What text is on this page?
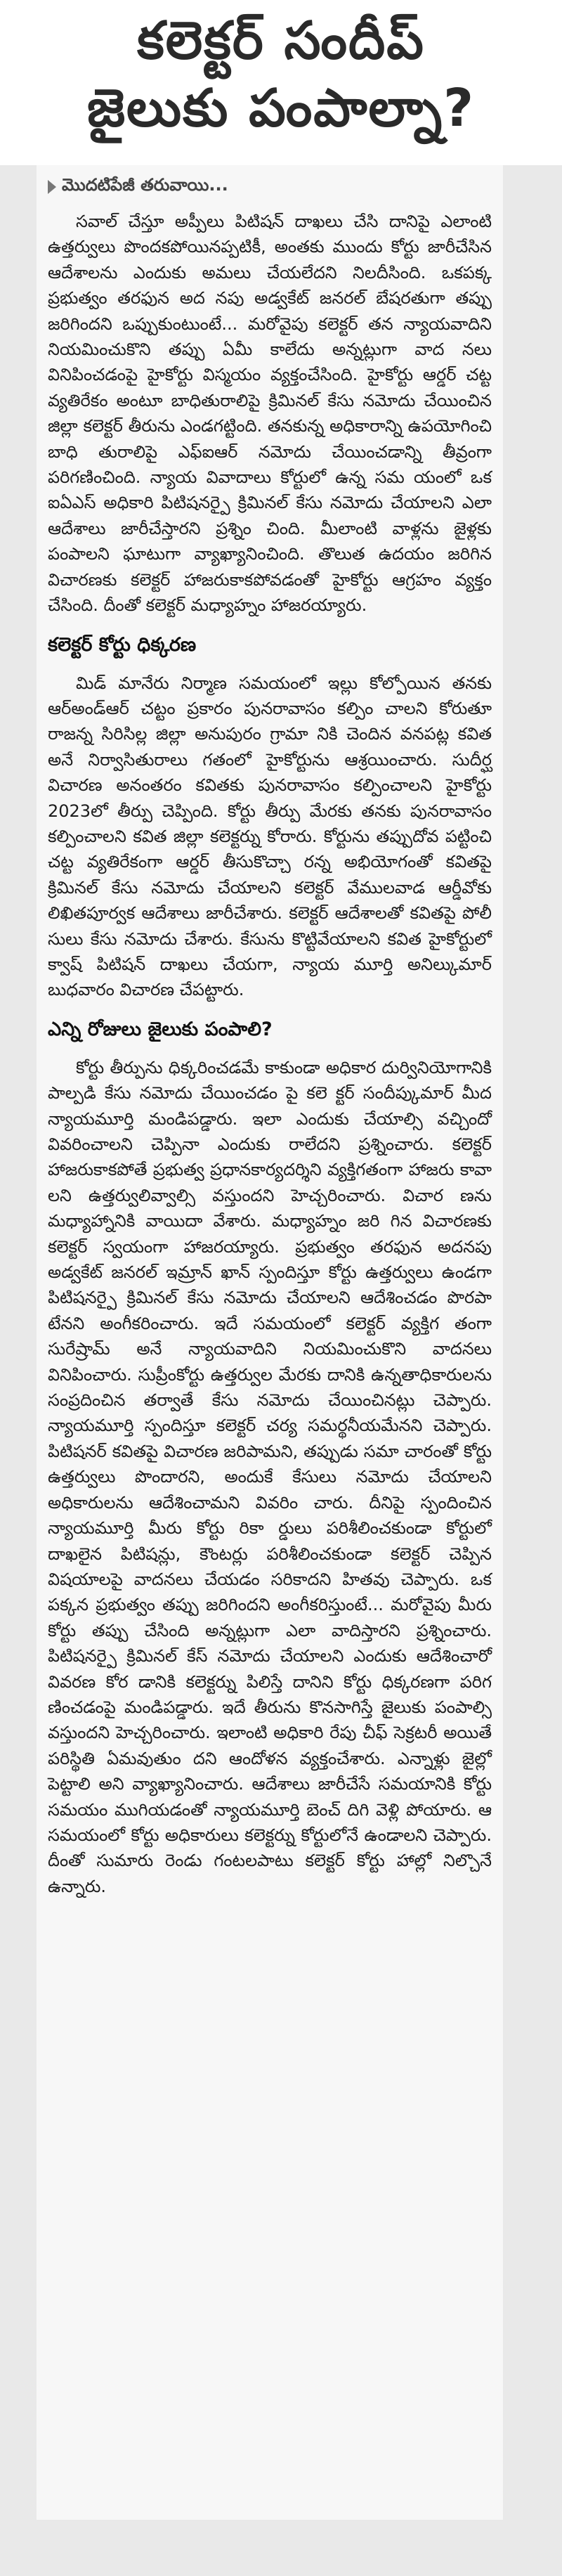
కలెక్టర్ సందీప్
జైలుకు పంపాల్నా?
మొదటిపేజీ తరువాయి...

సవాల్ చేస్తూ అప్పీలు పిటిషన్ దాఖలు చేసి దానిపై ఎలాంటి ఉత్తర్వులు పొందకపోయినప్పటికీ, అంతకు ముందు కోర్టు జారీచేసిన ఆదేశాలను ఎందుకు అమలు చేయలేదని నిలదీసింది. ఒకపక్క ప్రభుత్వం తరఫున అద నపు అడ్వకేట్ జనరల్ బేషరతుగా తప్పు జరిగిందని ఒప్పుకుంటుంటే... మరోవైపు కలెక్టర్ తన న్యాయవాదిని నియమించుకొని తప్పు ఏమీ కాలేదు అన్నట్లుగా వాద నలు వినిపించడంపై హైకోర్టు విస్మయం వ్యక్తంచేసింది. హైకోర్టు ఆర్డర్ చట్ట వ్యతిరేకం అంటూ బాధితురాలిపై క్రిమినల్ కేసు నమోదు చేయించిన జిల్లా కలెక్టర్ తీరును ఎండగట్టింది. తనకున్న అధికారాన్ని ఉపయోగించి బాధి తురాలిపై ఎఫ్ఐఆర్ నమోదు చేయించడాన్ని తీవ్రంగా పరిగణించింది. న్యాయ వివాదాలు కోర్టులో ఉన్న సమ యంలో ఒక ఐఏఎస్ అధికారి పిటిషనర్పై క్రిమినల్ కేసు నమోదు చేయాలని ఎలా ఆదేశాలు జారీచేస్తారని ప్రశ్నిం చింది. మీలాంటి వాళ్లను జైళ్లకు పంపాలని ఘాటుగా వ్యాఖ్యానించింది. తొలుత ఉదయం జరిగిన విచారణకు కలెక్టర్ హాజరుకాకపోవడంతో హైకోర్టు ఆగ్రహం వ్యక్తం చేసింది. దీంతో కలెక్టర్ మధ్యాహ్నం హాజరయ్యారు.

కలెక్టర్ కోర్టు ధిక్కరణ

మిడ్ మానేరు నిర్మాణ సమయంలో ఇల్లు కోల్పోయిన తనకు ఆర్అండ్ఆర్ చట్టం ప్రకారం పునరావాసం కల్పిం చాలని కోరుతూ రాజన్న సిరిసిల్ల జిల్లా అనుపురం గ్రామా నికి చెందిన వనపట్ల కవిత అనే నిర్వాసితురాలు గతంలో హైకోర్టును ఆశ్రయించారు. సుదీర్ఘ విచారణ అనంతరం కవితకు పునరావాసం కల్పించాలని హైకోర్టు 2023లో తీర్పు చెప్పింది. కోర్టు తీర్పు మేరకు తనకు పునరావాసం కల్పించాలని కవిత జిల్లా కలెక్టర్ను కోరారు. కోర్టును తప్పుదోవ పట్టించి చట్ట వ్యతిరేకంగా ఆర్డర్ తీసుకొచ్చా రన్న అభియోగంతో కవితపై క్రిమినల్ కేసు నమోదు చేయాలని కలెక్టర్ వేములవాడ ఆర్డీవోకు లిఖితపూర్వక ఆదేశాలు జారీచేశారు. కలెక్టర్ ఆదేశాలతో కవితపై పోలీ సులు కేసు నమోదు చేశారు. కేసును కొట్టివేయాలని కవిత హైకోర్టులో క్వాష్ పిటిషన్ దాఖలు చేయగా, న్యాయ మూర్తి అనిల్కుమార్ బుధవారం విచారణ చేపట్టారు.

ఎన్ని రోజులు జైలుకు పంపాలి?

కోర్టు తీర్పును ధిక్కరించడమే కాకుండా అధికార దుర్వినియోగానికి పాల్పడి కేసు నమోదు చేయించడం పై కలె క్టర్ సందీప్కుమార్ మీద న్యాయమూర్తి మండిపడ్డారు. ఇలా ఎందుకు చేయాల్సి వచ్చిందో వివరించాలని చెప్పినా ఎందుకు రాలేదని ప్రశ్నించారు. కలెక్టర్ హాజరుకాకపోతే ప్రభుత్వ ప్రధానకార్యదర్శిని వ్యక్తిగతంగా హాజరు కావా లని ఉత్తర్వులివ్వాల్సి వస్తుందని హెచ్చరించారు. విచార ణను మధ్యాహ్నానికి వాయిదా వేశారు. మధ్యాహ్నం జరి గిన విచారణకు కలెక్టర్ స్వయంగా హాజరయ్యారు. ప్రభుత్వం తరఫున అదనపు అడ్వకేట్ జనరల్ ఇమ్రాన్ ఖాన్ స్పందిస్తూ కోర్టు ఉత్తర్వులు ఉండగా పిటిషనర్పై క్రిమినల్ కేసు నమోదు చేయాలని ఆదేశించడం పొరపా టేనని అంగీకరించారు. ఇదే సమయంలో కలెక్టర్ వ్యక్తిగ తంగా సురేష్రామ్ అనే న్యాయవాదిని నియమించుకొని వాదనలు వినిపించారు. సుప్రీంకోర్టు ఉత్తర్వుల మేరకు దానికి ఉన్నతాధికారులను సంప్రదించిన తర్వాతే కేసు నమోదు చేయించినట్లు చెప్పారు. న్యాయమూర్తి స్పందిస్తూ కలెక్టర్ చర్య సమర్థనీయమేనని చెప్పారు. పిటిషనర్ కవితపై విచారణ జరిపామని, తప్పుడు సమా చారంతో కోర్టు ఉత్తర్వులు పొందారని, అందుకే కేసులు నమోదు చేయాలని అధికారులను ఆదేశించామని వివరిం చారు. దీనిపై స్పందించిన న్యాయమూర్తి మీరు కోర్టు రికా ర్డులు పరిశీలించకుండా కోర్టులో దాఖలైన పిటిషన్లు, కౌంటర్లు పరిశీలించకుండా కలెక్టర్ చెప్పిన విషయాలపై వాదనలు చేయడం సరికాదని హితవు చెప్పారు. ఒక పక్కన ప్రభుత్వం తప్పు జరిగిందని అంగీకరిస్తుంటే... మరోవైపు మీరు కోర్టు తప్పు చేసింది అన్నట్లుగా ఎలా వాదిస్తారని ప్రశ్నించారు. పిటిషనర్పై క్రిమినల్ కేస్ నమోదు చేయాలని ఎందుకు ఆదేశించారో వివరణ కోర డానికి కలెక్టర్ను పిలిస్తే దానిని కోర్టు ధిక్కరణగా పరిగ ణించడంపై మండిపడ్డారు. ఇదే తీరును కొనసాగిస్తే జైలుకు పంపాల్సి వస్తుందని హెచ్చరించారు. ఇలాంటి అధికారి రేపు చీఫ్ సెక్రటరీ అయితే పరిస్థితి ఏమవుతుం దని ఆందోళన వ్యక్తంచేశారు. ఎన్నాళ్లు జైల్లో పెట్టాలి అని వ్యాఖ్యానించారు. ఆదేశాలు జారీచేసే సమయానికి కోర్టు సమయం ముగియడంతో న్యాయమూర్తి బెంచ్ దిగి వెళ్లి పోయారు. ఆ సమయంలో కోర్టు అధికారులు కలెక్టర్ను కోర్టులోనే ఉండాలని చెప్పారు. దీంతో సుమారు రెండు గంటలపాటు కలెక్టర్ కోర్టు హాల్లో నిల్చొనే ఉన్నారు.
